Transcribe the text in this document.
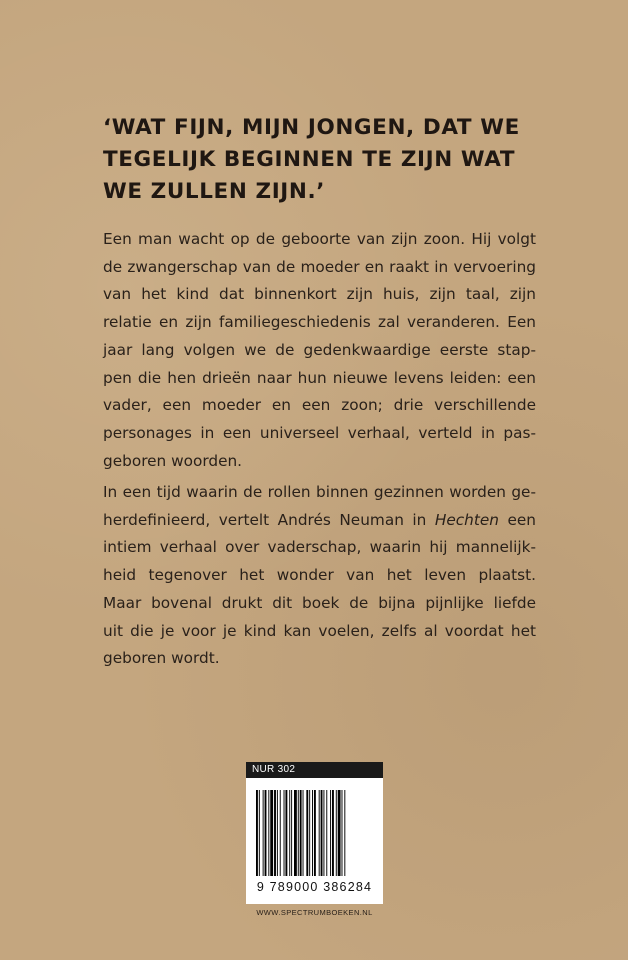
‘WAT FIJN, MIJN JONGEN, DAT WE
TEGELIJK BEGINNEN TE ZIJN WAT
WE ZULLEN ZIJN.’

Een man wacht op de geboorte van zijn zoon. Hij volgt
de zwangerschap van de moeder en raakt in vervoering
van het kind dat binnenkort zijn huis, zijn taal, zijn
relatie en zijn familiegeschiedenis zal veranderen. Een
jaar lang volgen we de gedenkwaardige eerste stap-
pen die hen drieën naar hun nieuwe levens leiden: een
vader, een moeder en een zoon; drie verschillende
personages in een universeel verhaal, verteld in pas-
geboren woorden.

In een tijd waarin de rollen binnen gezinnen worden ge-
herdefinieerd, vertelt Andrés Neuman in Hechten een
intiem verhaal over vaderschap, waarin hij mannelijk-
heid tegenover het wonder van het leven plaatst.
Maar bovenal drukt dit boek de bijna pijnlijke liefde
uit die je voor je kind kan voelen, zelfs al voordat het
geboren wordt.

NUR 302
9 789000 386284
WWW.SPECTRUMBOEKEN.NL
